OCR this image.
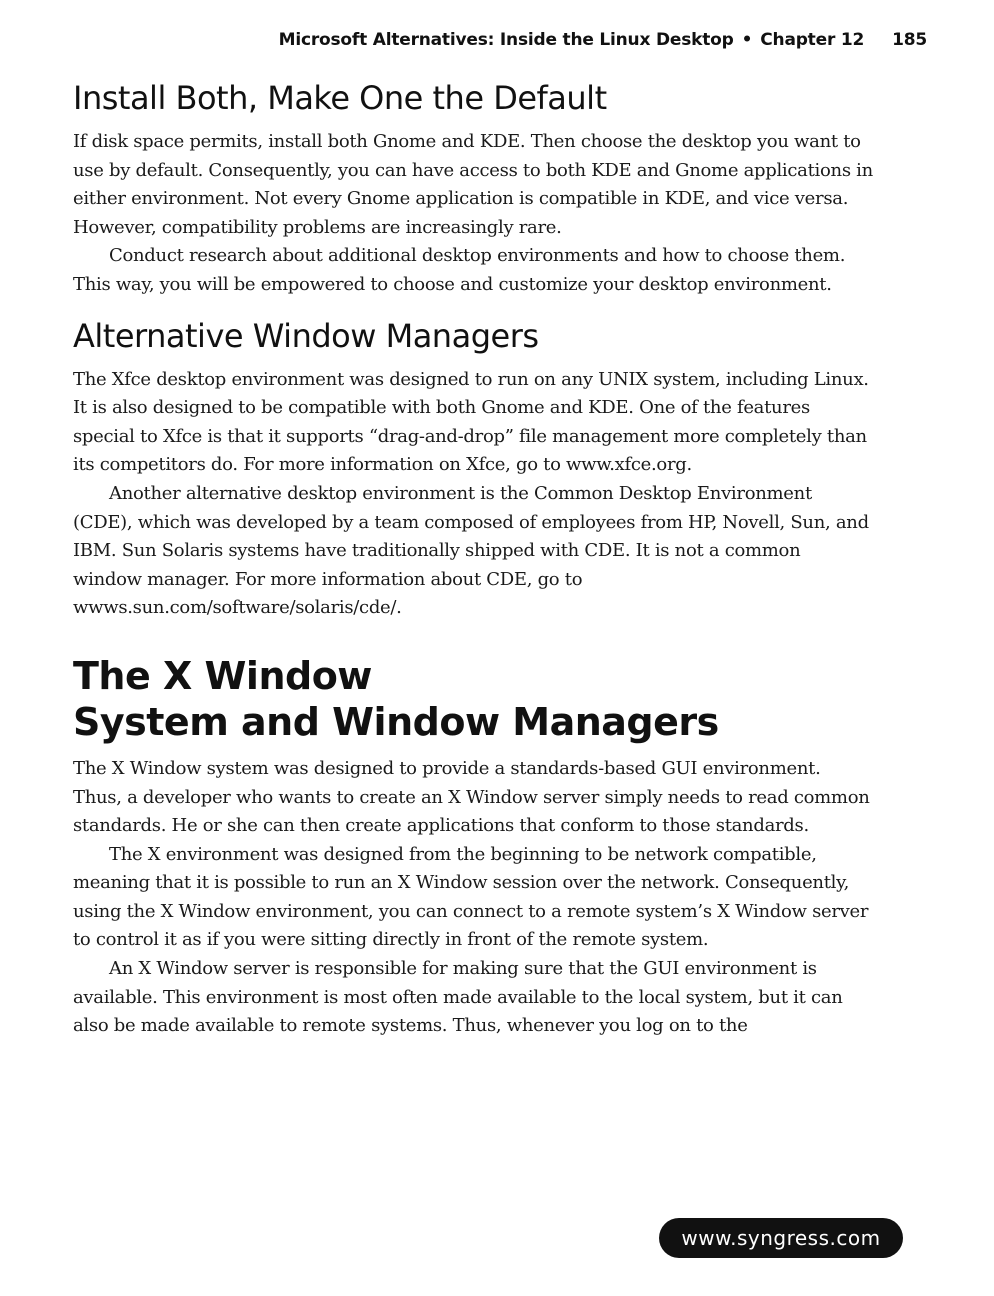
Microsoft Alternatives: Inside the Linux Desktop • Chapter 12 185
Install Both, Make One the Default

If disk space permits, install both Gnome and KDE. Then choose the desktop you want to use by default. Consequently, you can have access to both KDE and Gnome applications in either environment. Not every Gnome application is compatible in KDE, and vice versa. However, compatibility problems are increasingly rare.

Conduct research about additional desktop environments and how to choose them. This way, you will be empowered to choose and customize your desktop environment.

Alternative Window Managers

The Xfce desktop environment was designed to run on any UNIX system, including Linux. It is also designed to be compatible with both Gnome and KDE. One of the features special to Xfce is that it supports “drag-and-drop” file management more completely than its competitors do. For more information on Xfce, go to www.xfce.org.

Another alternative desktop environment is the Common Desktop Environment (CDE), which was developed by a team composed of employees from HP, Novell, Sun, and IBM. Sun Solaris systems have traditionally shipped with CDE. It is not a common window manager. For more information about CDE, go to wwws.sun.com/software/solaris/cde/.

The X Window
System and Window Managers

The X Window system was designed to provide a standards-based GUI environment. Thus, a developer who wants to create an X Window server simply needs to read common standards. He or she can then create applications that conform to those standards.

The X environment was designed from the beginning to be network compatible, meaning that it is possible to run an X Window session over the network. Consequently, using the X Window environment, you can connect to a remote system’s X Window server to control it as if you were sitting directly in front of the remote system.

An X Window server is responsible for making sure that the GUI environment is available. This environment is most often made available to the local system, but it can also be made available to remote systems. Thus, whenever you log on to the

www.syngress.com
